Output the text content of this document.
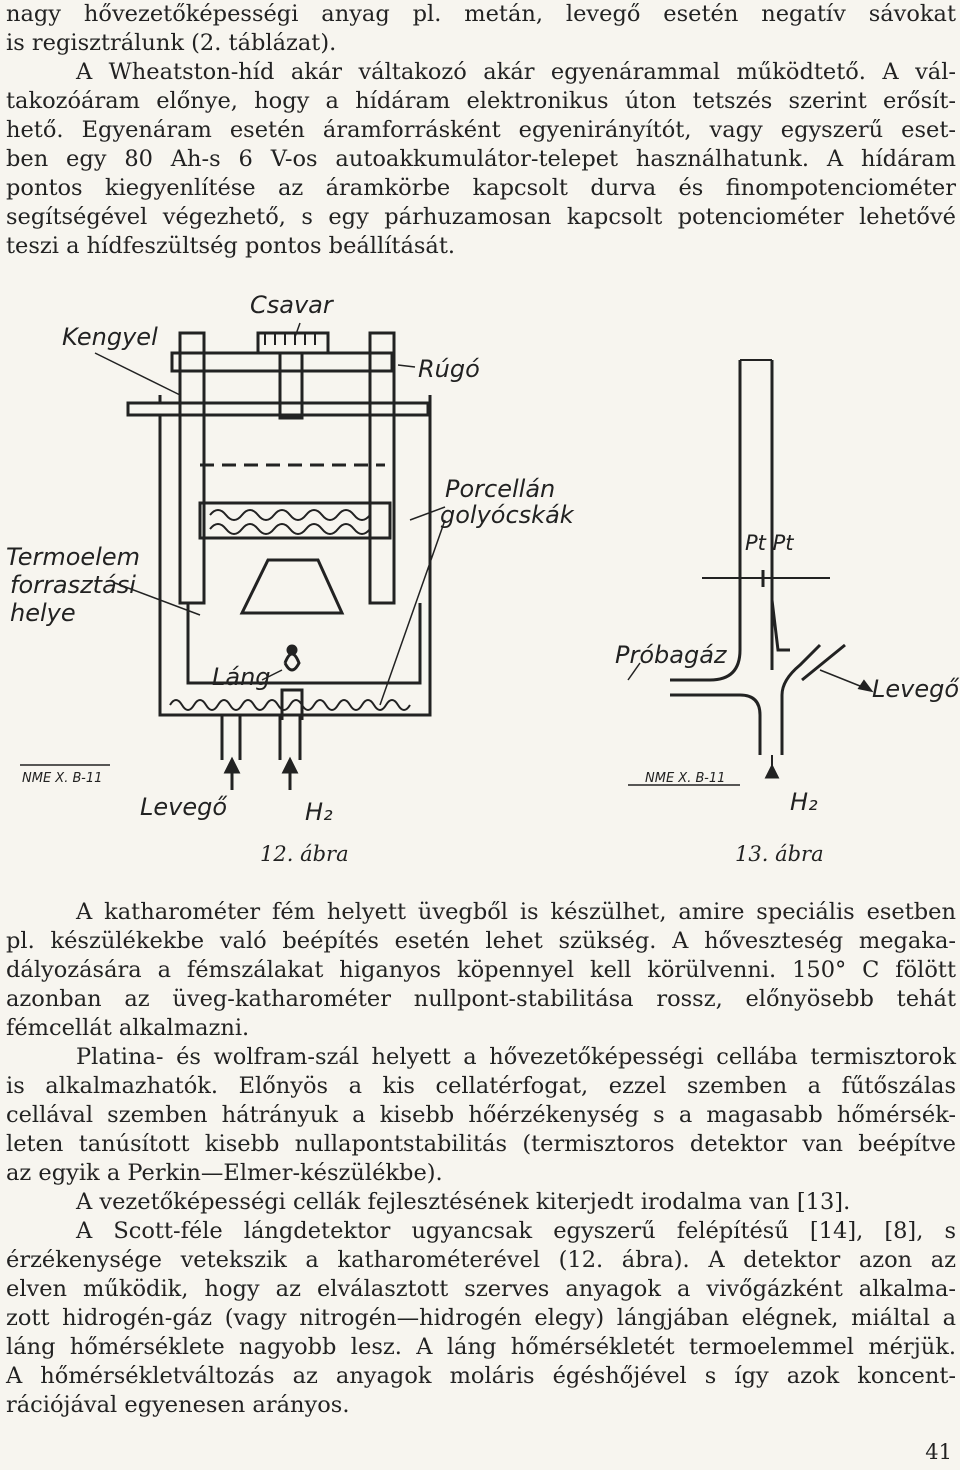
nagy hővezetőképességi anyag pl. metán, levegő esetén negatív sávokat
is regisztrálunk (2. táblázat).
A Wheatston-híd akár váltakozó akár egyenárammal működtető. A vál-
takozóáram előnye, hogy a hídáram elektronikus úton tetszés szerint erősít-
hető. Egyenáram esetén áramforrásként egyenirányítót, vagy egyszerű eset-
ben egy 80 Ah-s 6 V-os autoakkumulátor-telepet használhatunk. A hídáram
pontos kiegyenlítése az áramkörbe kapcsolt durva és finompotenciométer
segítségével végezhető, s egy párhuzamosan kapcsolt potenciométer lehetővé
teszi a hídfeszültség pontos beállítását.
Csavar
Kengyel
Rúgó
Porcellán
golyócskák
Termoelem
forrasztási
helye
Láng
Levegő	H₂
NME X. B-11
Pt Pt
Próbagáz
Levegő
H₂
NME X. B-11
12. ábra	13. ábra
A katharométer fém helyett üvegből is készülhet, amire speciális esetben
pl. készülékekbe való beépítés esetén lehet szükség. A hőveszteség megaka-
dályozására a fémszálakat higanyos köpennyel kell körülvenni. 150° C fölött
azonban az üveg-katharométer nullpont-stabilitása rossz, előnyösebb tehát
fémcellát alkalmazni.
Platina- és wolfram-szál helyett a hővezetőképességi cellába termisztorok
is alkalmazhatók. Előnyös a kis cellatérfogat, ezzel szemben a fűtőszálas
cellával szemben hátrányuk a kisebb hőérzékenység s a magasabb hőmérsék-
leten tanúsított kisebb nullapontstabilitás (termisztoros detektor van beépítve
az egyik a Perkin—Elmer-készülékbe).
A vezetőképességi cellák fejlesztésének kiterjedt irodalma van [13].
A Scott-féle lángdetektor ugyancsak egyszerű felépítésű [14], [8], s
érzékenysége vetekszik a katharométerével (12. ábra). A detektor azon az
elven működik, hogy az elválasztott szerves anyagok a vivőgázként alkalma-
zott hidrogén-gáz (vagy nitrogén—hidrogén elegy) lángjában elégnek, miáltal a
láng hőmérséklete nagyobb lesz. A láng hőmérsékletét termoelemmel mérjük.
A hőmérsékletváltozás az anyagok moláris égéshőjével s így azok koncent-
rációjával egyenesen arányos.
41
